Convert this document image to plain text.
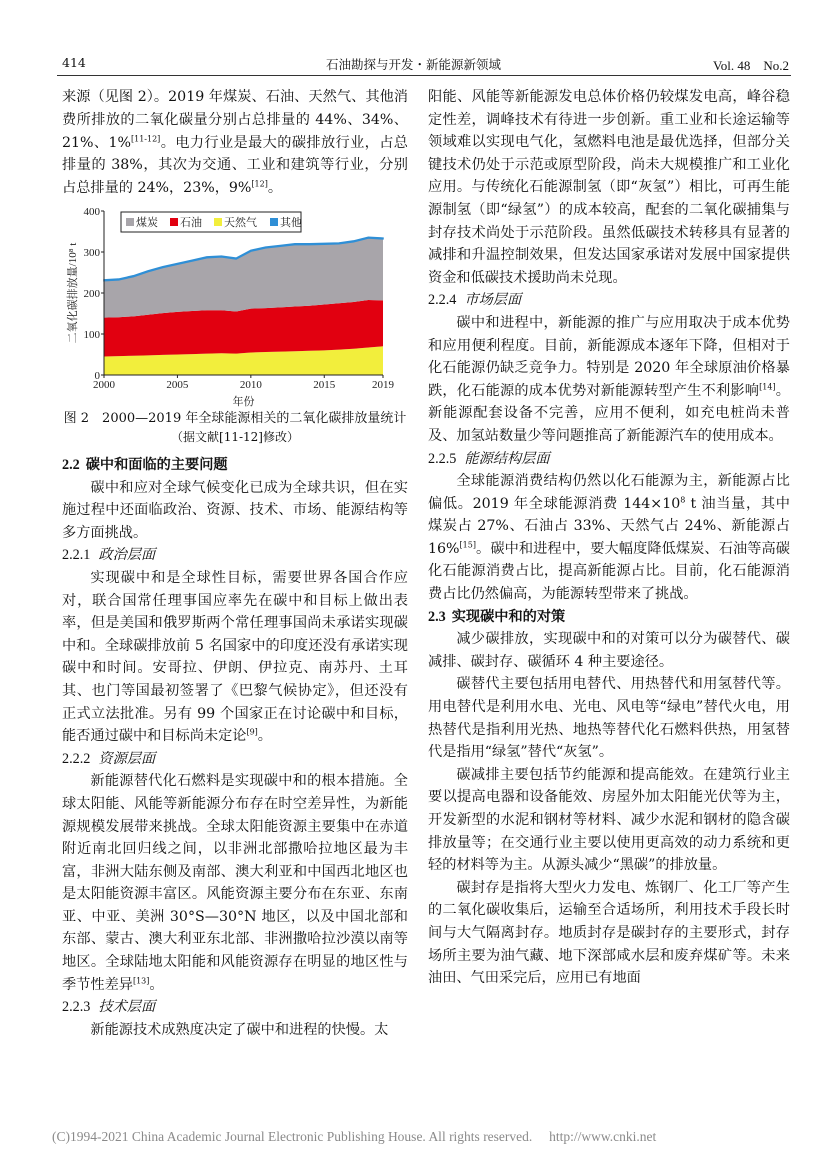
414	石油勘探与开发・新能源新领域	Vol. 48　No.2

来源（见图 2）。2019 年煤炭、石油、天然气、其他消费所排放的二氧化碳量分别占总排量的 44%、34%、21%、1%[11-12]。电力行业是最大的碳排放行业，占总排量的 38%，其次为交通、工业和建筑等行业，分别占总排量的 24%，23%，9%[12]。

0
100
200
300
400
2000	2005	2010	2015	2019
年份
二氧化碳排放量/10⁸ t
煤炭 石油 天然气 其他
图 2　2000—2019 年全球能源相关的二氧化碳排放量统计
（据文献[11-12]修改）

2.2 碳中和面临的主要问题

碳中和应对全球气候变化已成为全球共识，但在实施过程中还面临政治、资源、技术、市场、能源结构等多方面挑战。

2.2.1 政治层面

实现碳中和是全球性目标，需要世界各国合作应对，联合国常任理事国应率先在碳中和目标上做出表率，但是美国和俄罗斯两个常任理事国尚未承诺实现碳中和。全球碳排放前 5 名国家中的印度还没有承诺实现碳中和时间。安哥拉、伊朗、伊拉克、南苏丹、土耳其、也门等国最初签署了《巴黎气候协定》，但还没有正式立法批准。另有 99 个国家正在讨论碳中和目标，能否通过碳中和目标尚未定论[9]。

2.2.2 资源层面

新能源替代化石燃料是实现碳中和的根本措施。全球太阳能、风能等新能源分布存在时空差异性，为新能源规模发展带来挑战。全球太阳能资源主要集中在赤道附近南北回归线之间，以非洲北部撒哈拉地区最为丰富，非洲大陆东侧及南部、澳大利亚和中国西北地区也是太阳能资源丰富区。风能资源主要分布在东亚、东南亚、中亚、美洲 30°S—30°N 地区，以及中国北部和东部、蒙古、澳大利亚东北部、非洲撒哈拉沙漠以南等地区。全球陆地太阳能和风能资源存在明显的地区性与季节性差异[13]。

2.2.3 技术层面

新能源技术成熟度决定了碳中和进程的快慢。太

阳能、风能等新能源发电总体价格仍较煤发电高，峰谷稳定性差，调峰技术有待进一步创新。重工业和长途运输等领域难以实现电气化，氢燃料电池是最优选择，但部分关键技术仍处于示范或原型阶段，尚未大规模推广和工业化应用。与传统化石能源制氢（即“灰氢”）相比，可再生能源制氢（即“绿氢”）的成本较高，配套的二氧化碳捕集与封存技术尚处于示范阶段。虽然低碳技术转移具有显著的减排和升温控制效果，但发达国家承诺对发展中国家提供资金和低碳技术援助尚未兑现。

2.2.4 市场层面

碳中和进程中，新能源的推广与应用取决于成本优势和应用便利程度。目前，新能源成本逐年下降，但相对于化石能源仍缺乏竞争力。特别是 2020 年全球原油价格暴跌，化石能源的成本优势对新能源转型产生不利影响[14]。新能源配套设备不完善，应用不便利，如充电桩尚未普及、加氢站数量少等问题推高了新能源汽车的使用成本。

2.2.5 能源结构层面

全球能源消费结构仍然以化石能源为主，新能源占比偏低。2019 年全球能源消费 $144\times 10^8$ t 油当量，其中煤炭占 27%、石油占 33%、天然气占 24%、新能源占 16%[15]。碳中和进程中，要大幅度降低煤炭、石油等高碳化石能源消费占比，提高新能源占比。目前，化石能源消费占比仍然偏高，为能源转型带来了挑战。

2.3 实现碳中和的对策

减少碳排放，实现碳中和的对策可以分为碳替代、碳减排、碳封存、碳循环 4 种主要途径。

碳替代主要包括用电替代、用热替代和用氢替代等。用电替代是利用水电、光电、风电等“绿电”替代火电，用热替代是指利用光热、地热等替代化石燃料供热，用氢替代是指用“绿氢”替代“灰氢”。

碳减排主要包括节约能源和提高能效。在建筑行业主要以提高电器和设备能效、房屋外加太阳能光伏等为主，开发新型的水泥和钢材等材料、减少水泥和钢材的隐含碳排放量等；在交通行业主要以使用更高效的动力系统和更轻的材料等为主。从源头减少“黑碳”的排放量。

碳封存是指将大型火力发电、炼钢厂、化工厂等产生的二氧化碳收集后，运输至合适场所，利用技术手段长时间与大气隔离封存。地质封存是碳封存的主要形式，封存场所主要为油气藏、地下深部咸水层和废弃煤矿等。未来油田、气田采完后，应用已有地面

(C)1994-2021 China Academic Journal Electronic Publishing House. All rights reserved. http://www.cnki.net
